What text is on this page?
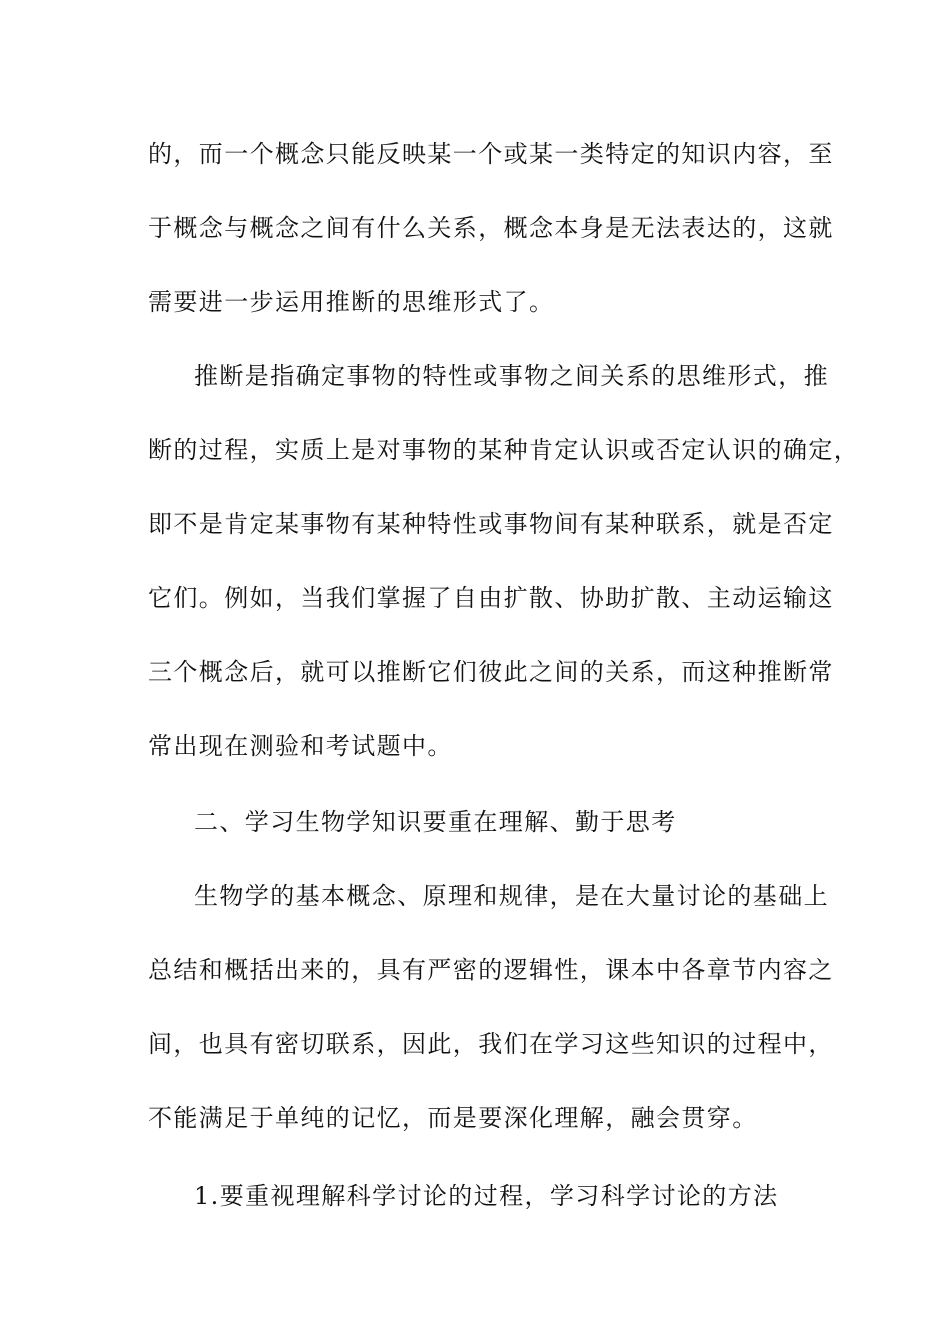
的，而一个概念只能反映某一个或某一类特定的知识内容，至
于概念与概念之间有什么关系，概念本身是无法表达的，这就
需要进一步运用推断的思维形式了。
推断是指确定事物的特性或事物之间关系的思维形式，推
断的过程，实质上是对事物的某种肯定认识或否定认识的确定，
即不是肯定某事物有某种特性或事物间有某种联系，就是否定
它们。例如，当我们掌握了自由扩散、协助扩散、主动运输这
三个概念后，就可以推断它们彼此之间的关系，而这种推断常
常出现在测验和考试题中。
二、学习生物学知识要重在理解、勤于思考
生物学的基本概念、原理和规律，是在大量讨论的基础上
总结和概括出来的，具有严密的逻辑性，课本中各章节内容之
间，也具有密切联系，因此，我们在学习这些知识的过程中，
不能满足于单纯的记忆，而是要深化理解，融会贯穿。
1.要重视理解科学讨论的过程，学习科学讨论的方法
